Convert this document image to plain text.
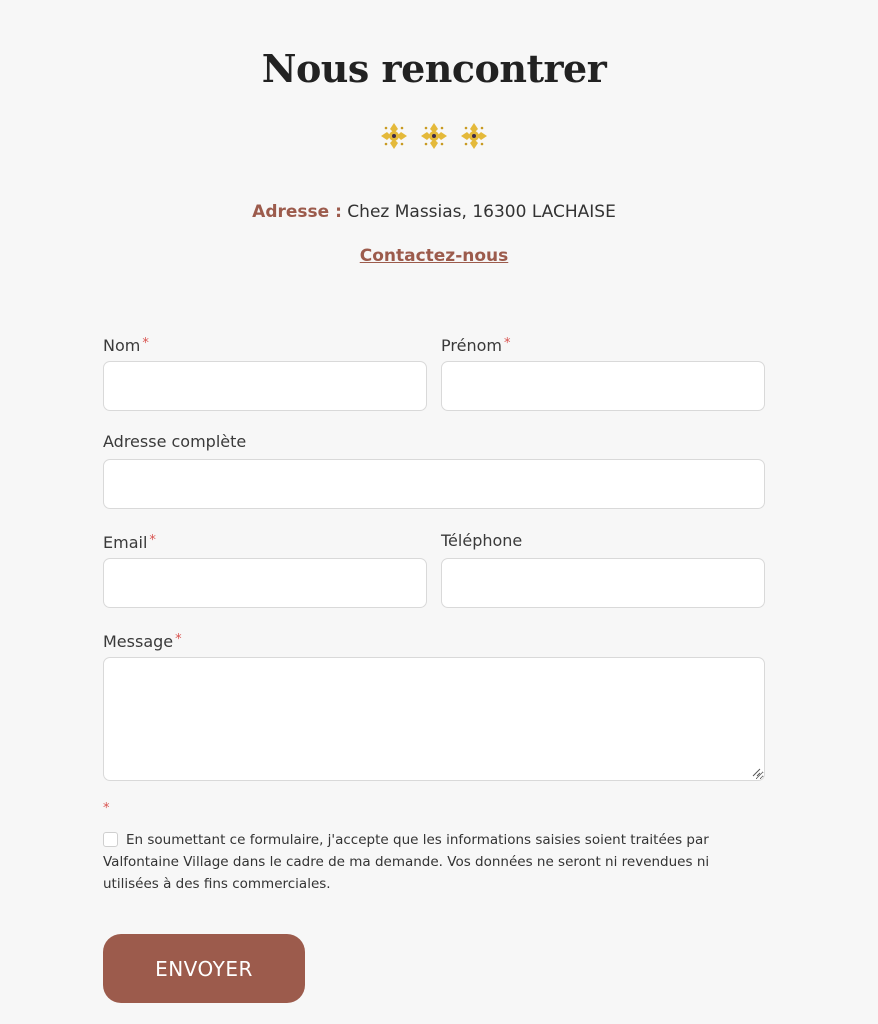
Nous rencontrer
Adresse : Chez Massias, 16300 LACHAISE
Contactez-nous
Nom *	Prénom *
Adresse complète
Email *	Téléphone
Message *
*
En soumettant ce formulaire, j'accepte que les informations saisies soient traitées par Valfontaine Village dans le cadre de ma demande. Vos données ne seront ni revendues ni utilisées à des fins commerciales.
ENVOYER
